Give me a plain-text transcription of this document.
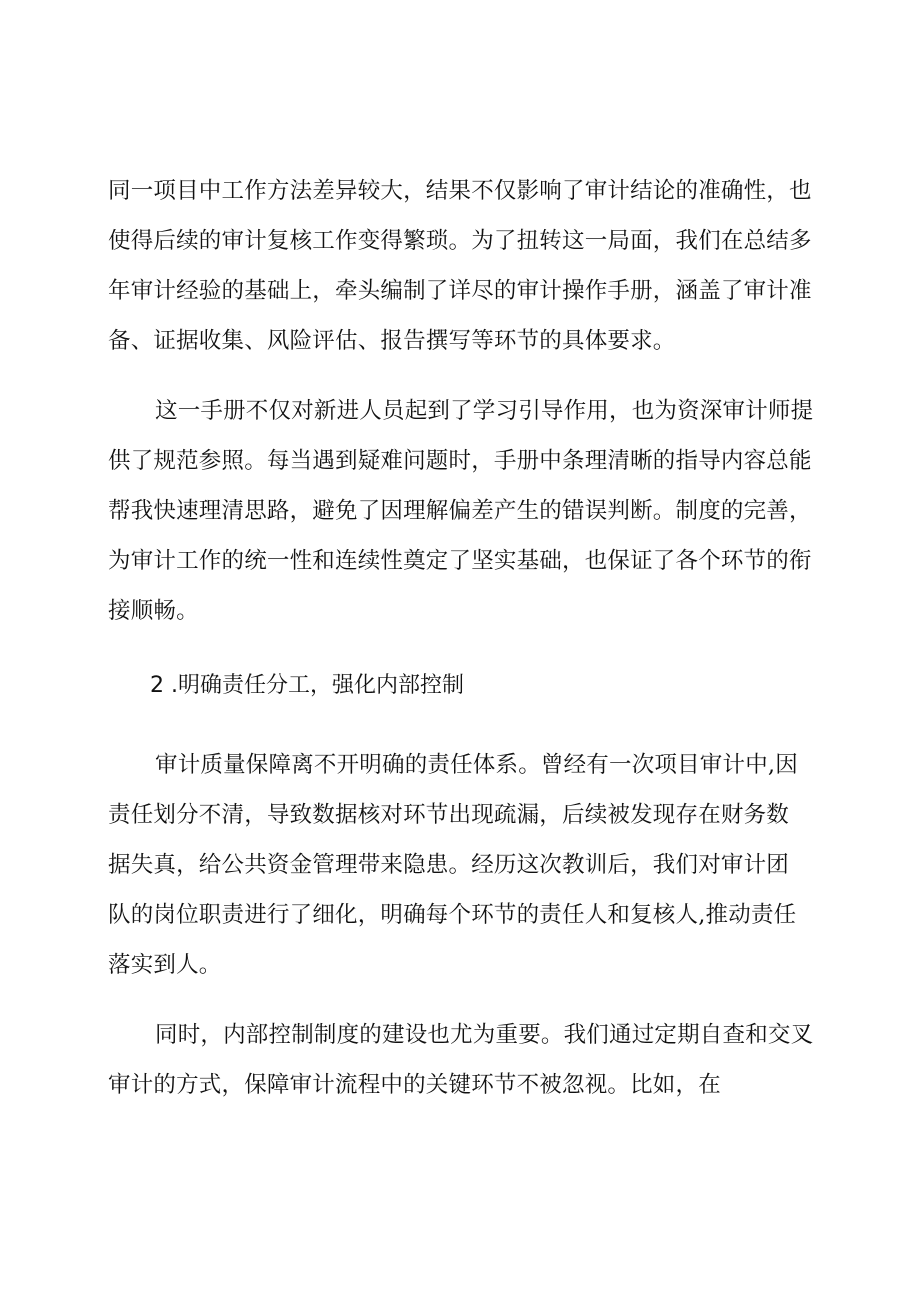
同一项目中工作方法差异较大，结果不仅影响了审计结论的准确性，也
使得后续的审计复核工作变得繁琐。为了扭转这一局面，我们在总结多
年审计经验的基础上，牵头编制了详尽的审计操作手册，涵盖了审计准
备、证据收集、风险评估、报告撰写等环节的具体要求。
这一手册不仅对新进人员起到了学习引导作用，也为资深审计师提
供了规范参照。每当遇到疑难问题时，手册中条理清晰的指导内容总能
帮我快速理清思路，避免了因理解偏差产生的错误判断。制度的完善，
为审计工作的统一性和连续性奠定了坚实基础，也保证了各个环节的衔
接顺畅。
2 .明确责任分工，强化内部控制
审计质量保障离不开明确的责任体系。曾经有一次项目审计中,因
责任划分不清，导致数据核对环节出现疏漏，后续被发现存在财务数
据失真，给公共资金管理带来隐患。经历这次教训后，我们对审计团
队的岗位职责进行了细化，明确每个环节的责任人和复核人,推动责任
落实到人。
同时，内部控制制度的建设也尤为重要。我们通过定期自查和交叉
审计的方式，保障审计流程中的关键环节不被忽视。比如，在
